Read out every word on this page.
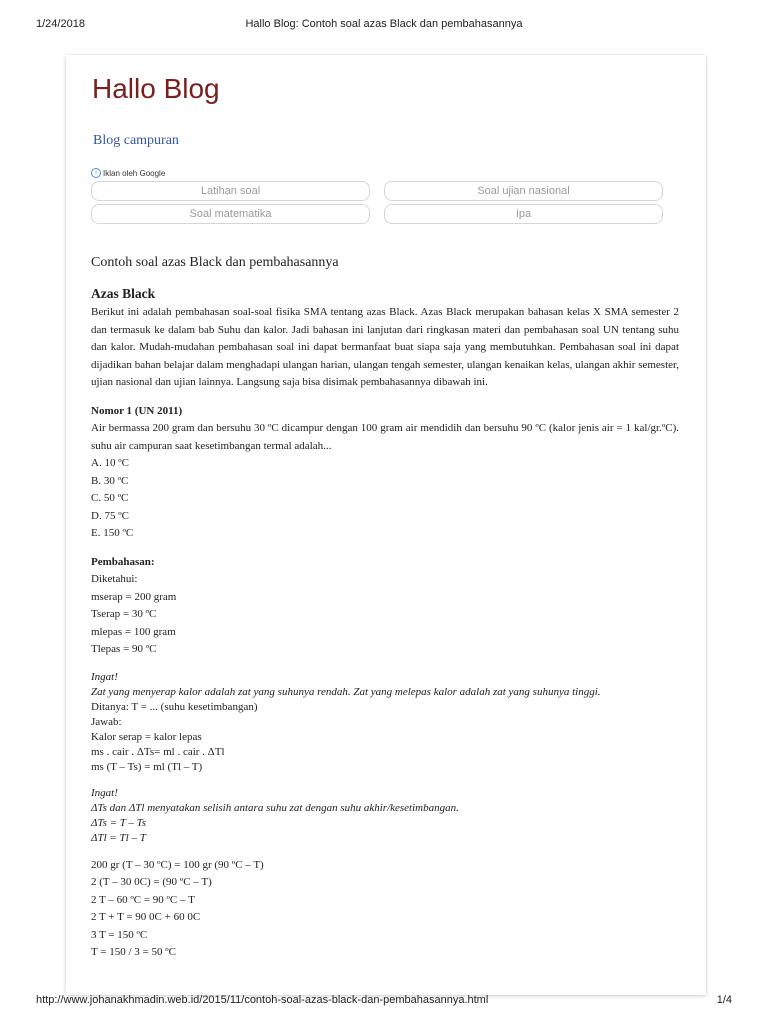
1/24/2018	Hallo Blog: Contoh soal azas Black dan pembahasannya
Hallo Blog
Blog campuran
i Iklan oleh Google
Latihan soal	Soal ujian nasional
Soal matematika	Ipa
Contoh soal azas Black dan pembahasannya
Azas Black

Berikut ini adalah pembahasan soal-soal fisika SMA tentang azas Black. Azas Black merupakan bahasan kelas X SMA semester 2 dan termasuk ke dalam bab Suhu dan kalor. Jadi bahasan ini lanjutan dari ringkasan materi dan pembahasan soal UN tentang suhu dan kalor. Mudah-mudahan pembahasan soal ini dapat bermanfaat buat siapa saja yang membutuhkan. Pembahasan soal ini dapat dijadikan bahan belajar dalam menghadapi ulangan harian, ulangan tengah semester, ulangan kenaikan kelas, ulangan akhir semester, ujian nasional dan ujian lainnya. Langsung saja bisa disimak pembahasannya dibawah ini.

Nomor 1 (UN 2011)

Air bermassa 200 gram dan bersuhu 30 ºC dicampur dengan 100 gram air mendidih dan bersuhu 90 ºC (kalor jenis air = 1 kal/gr.ºC). suhu air campuran saat kesetimbangan termal adalah...

A. 10 ºC

B. 30 ºC

C. 50 ºC

D. 75 ºC

E. 150 ºC

Pembahasan:

Diketahui:

mserap = 200 gram

Tserap = 30 ºC

mlepas = 100 gram

Tlepas = 90 ºC

Ingat!

Zat yang menyerap kalor adalah zat yang suhunya rendah. Zat yang melepas kalor adalah zat yang suhunya tinggi.

Ditanya: T = ... (suhu kesetimbangan)

Jawab:

Kalor serap = kalor lepas

ms . cair . ΔTs= ml . cair . ΔTl

ms (T – Ts) = ml (Tl – T)

Ingat!

ΔTs dan ΔTl menyatakan selisih antara suhu zat dengan suhu akhir/kesetimbangan.

ΔTs = T – Ts

ΔTl = Tl – T

200 gr (T – 30 ºC) = 100 gr (90 ºC – T)

2 (T – 30 0C) = (90 ºC – T)

2 T – 60 ºC = 90 ºC – T

2 T + T = 90 0C + 60 0C

3 T = 150 ºC

T = 150 / 3 = 50 ºC

http://www.johanakhmadin.web.id/2015/11/contoh-soal-azas-black-dan-pembahasannya.html	1/4
